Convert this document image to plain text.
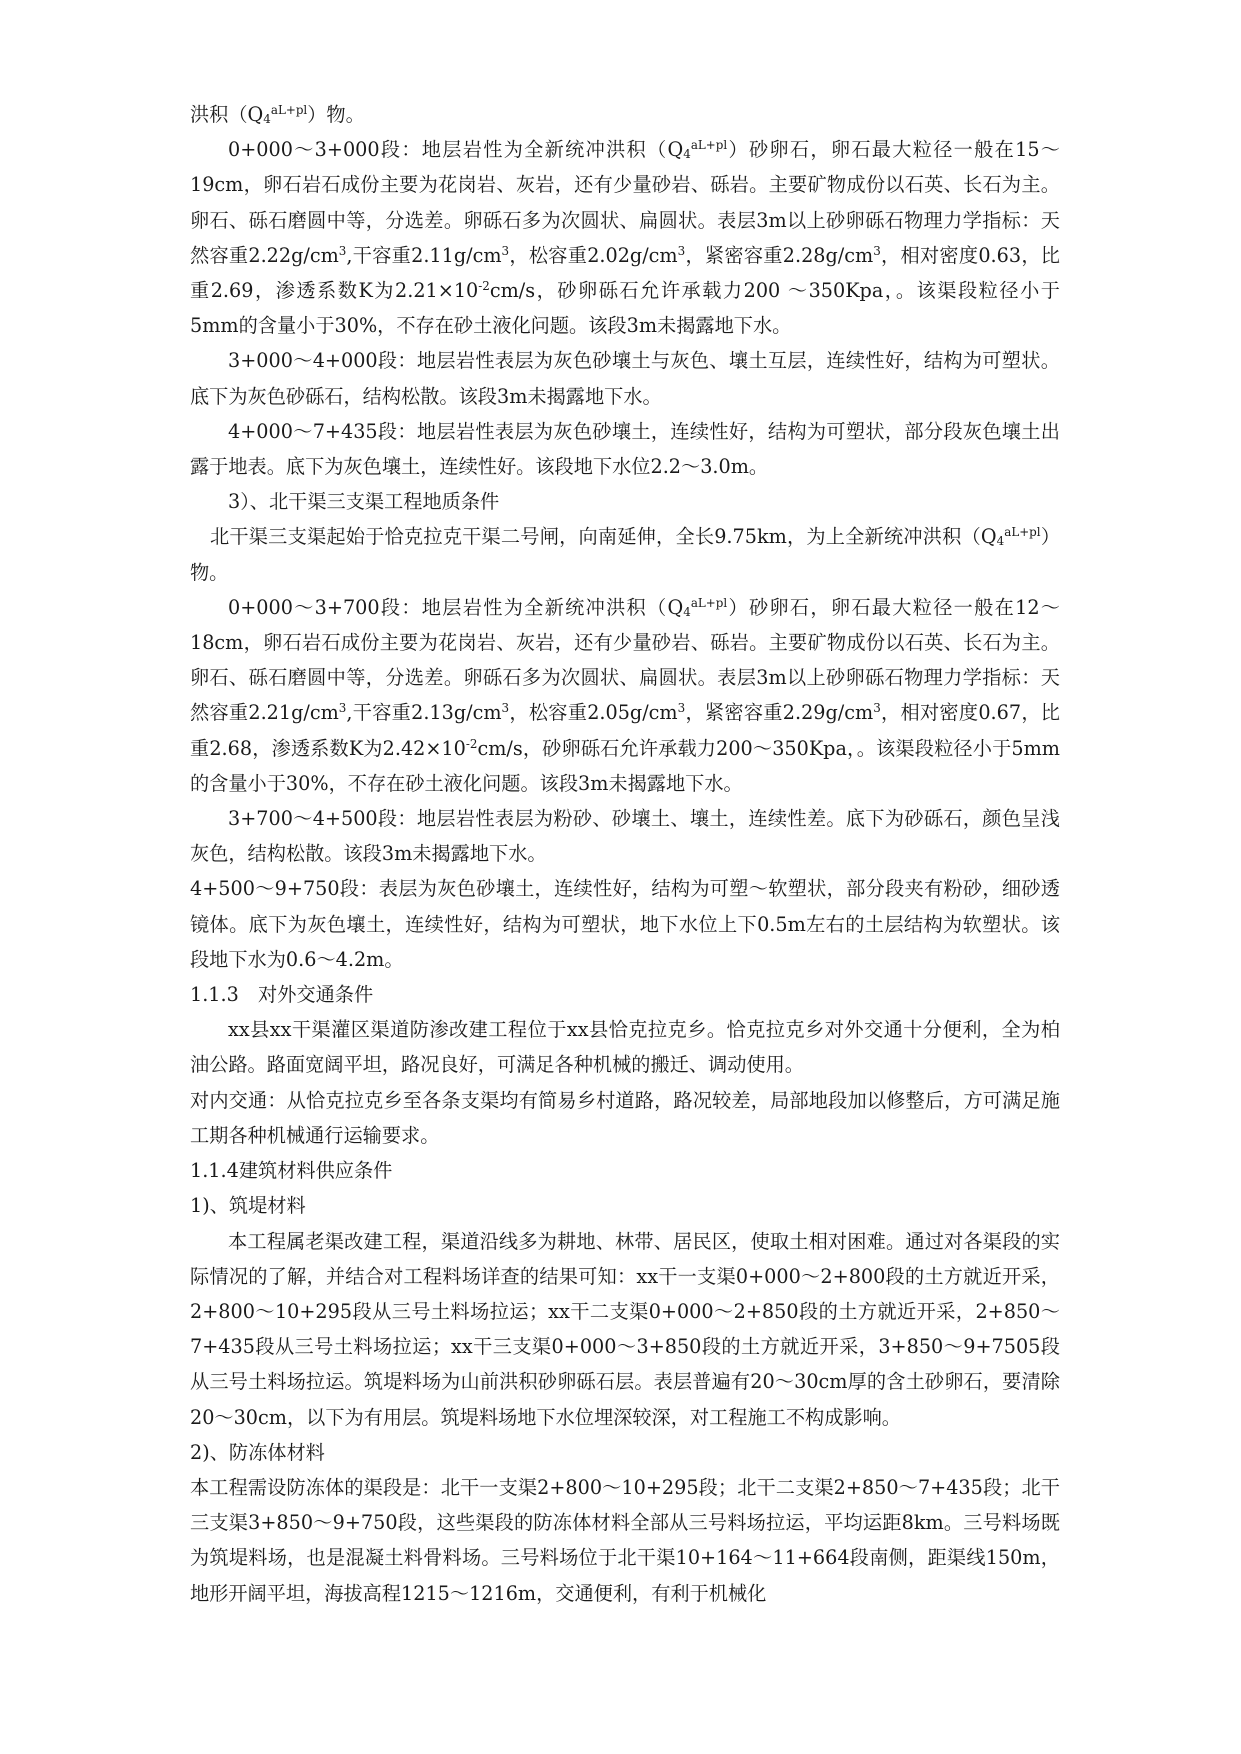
洪积$(Q_4^{aL+pl})$物。

0+000～3+000段：地层岩性为全新统冲洪积$(Q_4^{aL+pl})$砂卵石，卵石最大粒径一般在15～19cm，卵石岩石成份主要为花岗岩、灰岩，还有少量砂岩、砾岩。主要矿物成份以石英、长石为主。卵石、砾石磨圆中等，分选差。卵砾石多为次圆状、扁圆状。表层3m以上砂卵砾石物理力学指标：天然容重$2.22g/cm^3$,干容重$2.11g/cm^3$，松容重$2.02g/cm^3$，紧密容重$2.28g/cm^3$，相对密度0.63，比重2.69，渗透系数K为$2.21\times 10^{-2}cm/s$，砂卵砾石允许承载力200 ～350Kpa，。该渠段粒径小于5mm的含量小于30%，不存在砂土液化问题。该段3m未揭露地下水。

3+000～4+000段：地层岩性表层为灰色砂壤土与灰色、壤土互层，连续性好，结构为可塑状。底下为灰色砂砾石，结构松散。该段3m未揭露地下水。

4+000～7+435段：地层岩性表层为灰色砂壤土，连续性好，结构为可塑状，部分段灰色壤土出露于地表。底下为灰色壤土，连续性好。该段地下水位2.2～3.0m。

3）、北干渠三支渠工程地质条件

北干渠三支渠起始于恰克拉克干渠二号闸，向南延伸，全长9.75km，为上全新统冲洪积$(Q_4^{aL+pl})$物。

0+000～3+700段：地层岩性为全新统冲洪积$(Q_4^{aL+pl})$砂卵石，卵石最大粒径一般在12～18cm，卵石岩石成份主要为花岗岩、灰岩，还有少量砂岩、砾岩。主要矿物成份以石英、长石为主。卵石、砾石磨圆中等，分选差。卵砾石多为次圆状、扁圆状。表层3m以上砂卵砾石物理力学指标：天然容重$2.21g/cm^3$,干容重$2.13g/cm^3$，松容重$2.05g/cm^3$，紧密容重$2.29g/cm^3$，相对密度0.67，比重2.68，渗透系数K为$2.42\times 10^{-2}cm/s$，砂卵砾石允许承载力200～350Kpa，。该渠段粒径小于5mm的含量小于30%，不存在砂土液化问题。该段3m未揭露地下水。

3+700～4+500段：地层岩性表层为粉砂、砂壤土、壤土，连续性差。底下为砂砾石，颜色呈浅灰色，结构松散。该段3m未揭露地下水。

4+500～9+750段：表层为灰色砂壤土，连续性好，结构为可塑～软塑状，部分段夹有粉砂，细砂透镜体。底下为灰色壤土，连续性好，结构为可塑状，地下水位上下0.5m左右的土层结构为软塑状。该段地下水为0.6～4.2m。

1.1.3　对外交通条件

xx县xx干渠灌区渠道防渗改建工程位于xx县恰克拉克乡。恰克拉克乡对外交通十分便利，全为柏油公路。路面宽阔平坦，路况良好，可满足各种机械的搬迁、调动使用。

对内交通：从恰克拉克乡至各条支渠均有简易乡村道路，路况较差，局部地段加以修整后，方可满足施工期各种机械通行运输要求。

1.1.4建筑材料供应条件

1)、筑堤材料

本工程属老渠改建工程，渠道沿线多为耕地、林带、居民区，使取土相对困难。通过对各渠段的实际情况的了解，并结合对工程料场详查的结果可知：xx干一支渠0+000～2+800段的土方就近开采，2+800～10+295段从三号土料场拉运；xx干二支渠0+000～2+850段的土方就近开采，2+850～7+435段从三号土料场拉运；xx干三支渠0+000～3+850段的土方就近开采，3+850～9+7505段从三号土料场拉运。筑堤料场为山前洪积砂卵砾石层。表层普遍有20～30cm厚的含土砂卵石，要清除20～30cm，以下为有用层。筑堤料场地下水位埋深较深，对工程施工不构成影响。

2)、防冻体材料

本工程需设防冻体的渠段是：北干一支渠2+800～10+295段；北干二支渠2+850～7+435段；北干三支渠3+850～9+750段，这些渠段的防冻体材料全部从三号料场拉运，平均运距8km。三号料场既为筑堤料场，也是混凝土料骨料场。三号料场位于北干渠10+164～11+664段南侧，距渠线150m，地形开阔平坦，海拔高程1215～1216m，交通便利，有利于机械化
